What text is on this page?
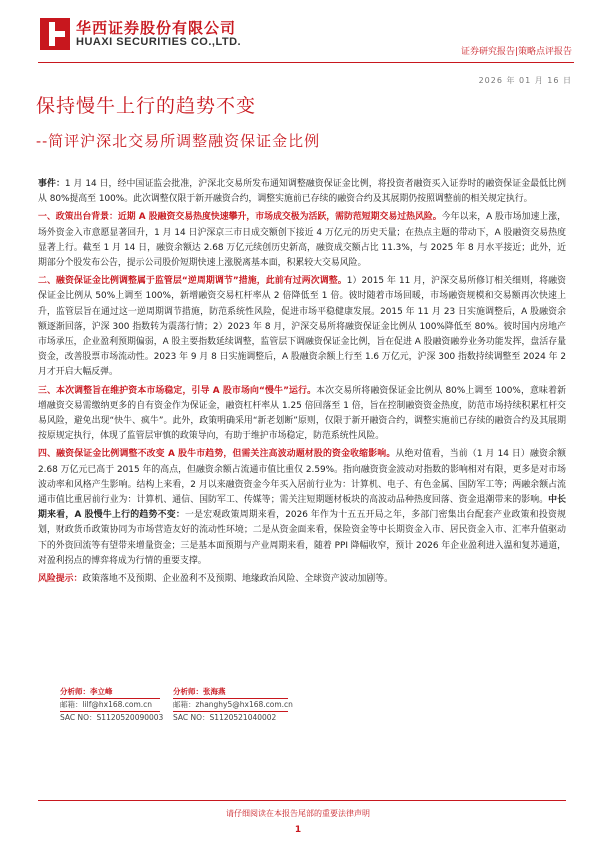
华西证券股份有限公司
HUAXI SECURITIES CO.,LTD.
证券研究报告|策略点评报告
2026 年 01 月 16 日
保持慢牛上行的趋势不变
--简评沪深北交易所调整融资保证金比例

事件：1 月 14 日，经中国证监会批准，沪深北交易所发布通知调整融资保证金比例，将投资者融资买入证券时的融资保证金最低比例从 80%提高至 100%。此次调整仅限于新开融资合约，调整实施前已存续的融资合约及其展期仍按照调整前的相关规定执行。

一、政策出台背景：近期 A 股融资交易热度快速攀升，市场成交极为活跃，需防范短期交易过热风险。今年以来，A 股市场加速上涨，场外资金入市意愿显著回升，1 月 14 日沪深京三市日成交额创下接近 4 万亿元的历史天量；在热点主题的带动下，A 股融资交易热度显著上行。截至 1 月 14 日，融资余额达 2.68 万亿元续创历史新高，融资成交额占比 11.3%，与 2025 年 8 月水平接近；此外，近期部分个股发布公告，提示公司股价短期快速上涨脱离基本面，积累较大交易风险。

二、融资保证金比例调整属于监管层“逆周期调节”措施，此前有过两次调整。1）2015 年 11 月，沪深交易所修订相关细则，将融资保证金比例从 50%上调至 100%，新增融资交易杠杆率从 2 倍降低至 1 倍。彼时随着市场回暖，市场融资规模和交易额再次快速上升，监管层旨在通过这一逆周期调节措施，防范系统性风险，促进市场平稳健康发展。2015 年 11 月 23 日实施调整后，A 股融资余额逐渐回落，沪深 300 指数转为震荡行情；2）2023 年 8 月，沪深交易所将融资保证金比例从 100%降低至 80%。彼时国内房地产市场承压，企业盈利预期偏弱，A 股主要指数延续调整，监管层下调融资保证金比例，旨在促进 A 股融资融券业务功能发挥，盘活存量资金，改善股票市场流动性。2023 年 9 月 8 日实施调整后，A 股融资余额上行至 1.6 万亿元，沪深 300 指数持续调整至 2024 年 2 月才开启大幅反弹。

三、本次调整旨在维护资本市场稳定，引导 A 股市场向“慢牛”运行。本次交易所将融资保证金比例从 80%上调至 100%，意味着新增融资交易需缴纳更多的自有资金作为保证金，融资杠杆率从 1.25 倍回落至 1 倍，旨在控制融资资金热度，防范市场持续积累杠杆交易风险，避免出现“快牛、疯牛”。此外，政策明确采用“新老划断”原则，仅限于新开融资合约，调整实施前已存续的融资合约及其展期按原规定执行，体现了监管层审慎的政策导向，有助于维护市场稳定，防范系统性风险。

四、融资保证金比例调整不改变 A 股牛市趋势，但需关注高波动题材股的资金收缩影响。从绝对值看，当前（1 月 14 日）融资余额 2.68 万亿元已高于 2015 年的高点，但融资余额占流通市值比重仅 2.59%。指向融资资金波动对指数的影响相对有限，更多是对市场波动率和风格产生影响。结构上来看，2 月以来融资资金今年买入居前行业为：计算机、电子、有色金属、国防军工等；两融余额占流通市值比重居前行业为：计算机、通信、国防军工、传媒等；需关注短期题材板块的高波动品种热度回落、资金退潮带来的影响。中长期来看，A 股慢牛上行的趋势不变：一是宏观政策周期来看，2026 年作为十五五开局之年，多部门密集出台配套产业政策和投资规划，财政货币政策协同为市场营造友好的流动性环境；二是从资金面来看，保险资金等中长期资金入市、居民资金入市、汇率升值驱动下的外资回流等有望带来增量资金；三是基本面预期与产业周期来看，随着 PPI 降幅收窄，预计 2026 年企业盈利进入温和复苏通道，对盈利拐点的博弈将成为行情的重要支撑。

风险提示：政策落地不及预期、企业盈利不及预期、地缘政治风险、全球资产波动加剧等。

分析师：李立峰
邮箱：lilf@hx168.com.cn
SAC NO：S1120520090003
分析师：张海燕
邮箱：zhanghy5@hx168.com.cn
SAC NO：S1120521040002
请仔细阅读在本报告尾部的重要法律声明
1
